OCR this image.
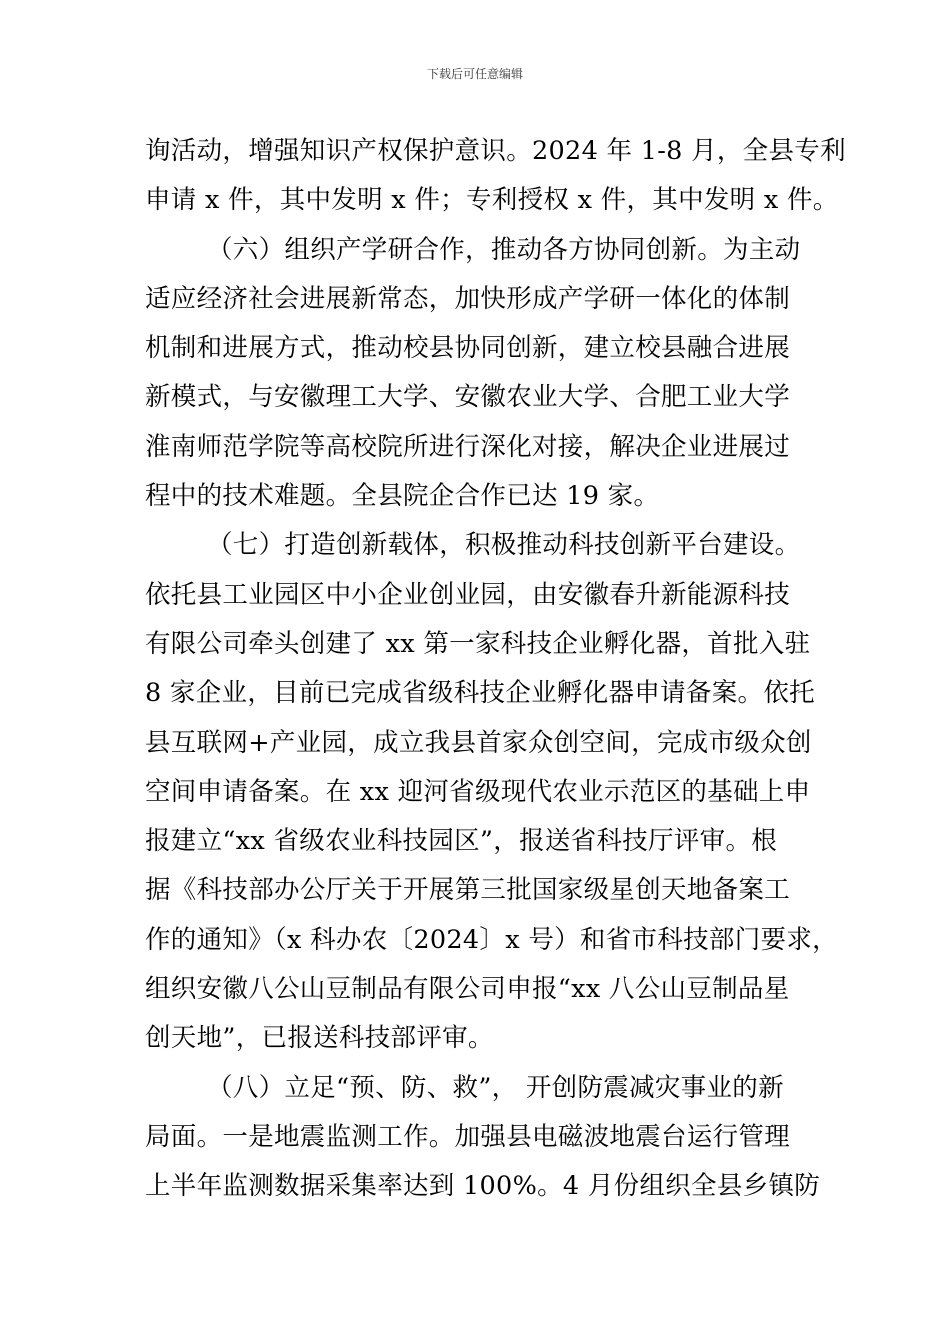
下载后可任意编辑
询活动，增强知识产权保护意识。2024 年 1-8 月，全县专利
申请 x 件，其中发明 x 件；专利授权 x 件，其中发明 x 件。
（六）组织产学研合作，推动各方协同创新。为主动
适应经济社会进展新常态，加快形成产学研一体化的体制
机制和进展方式，推动校县协同创新，建立校县融合进展
新模式，与安徽理工大学、安徽农业大学、合肥工业大学
淮南师范学院等高校院所进行深化对接，解决企业进展过
程中的技术难题。全县院企合作已达 19 家。
（七）打造创新载体，积极推动科技创新平台建设。
依托县工业园区中小企业创业园，由安徽春升新能源科技
有限公司牵头创建了 xx 第一家科技企业孵化器，首批入驻
8 家企业，目前已完成省级科技企业孵化器申请备案。依托
县互联网+产业园，成立我县首家众创空间，完成市级众创
空间申请备案。在 xx 迎河省级现代农业示范区的基础上申
报建立“xx 省级农业科技园区”，报送省科技厅评审。根
据《科技部办公厅关于开展第三批国家级星创天地备案工
作的通知》（x 科办农〔2024〕x 号）和省市科技部门要求，
组织安徽八公山豆制品有限公司申报“xx 八公山豆制品星
创天地”，已报送科技部评审。
（八）立足“预、防、救”， 开创防震减灾事业的新
局面。一是地震监测工作。加强县电磁波地震台运行管理
上半年监测数据采集率达到 100%。4 月份组织全县乡镇防
